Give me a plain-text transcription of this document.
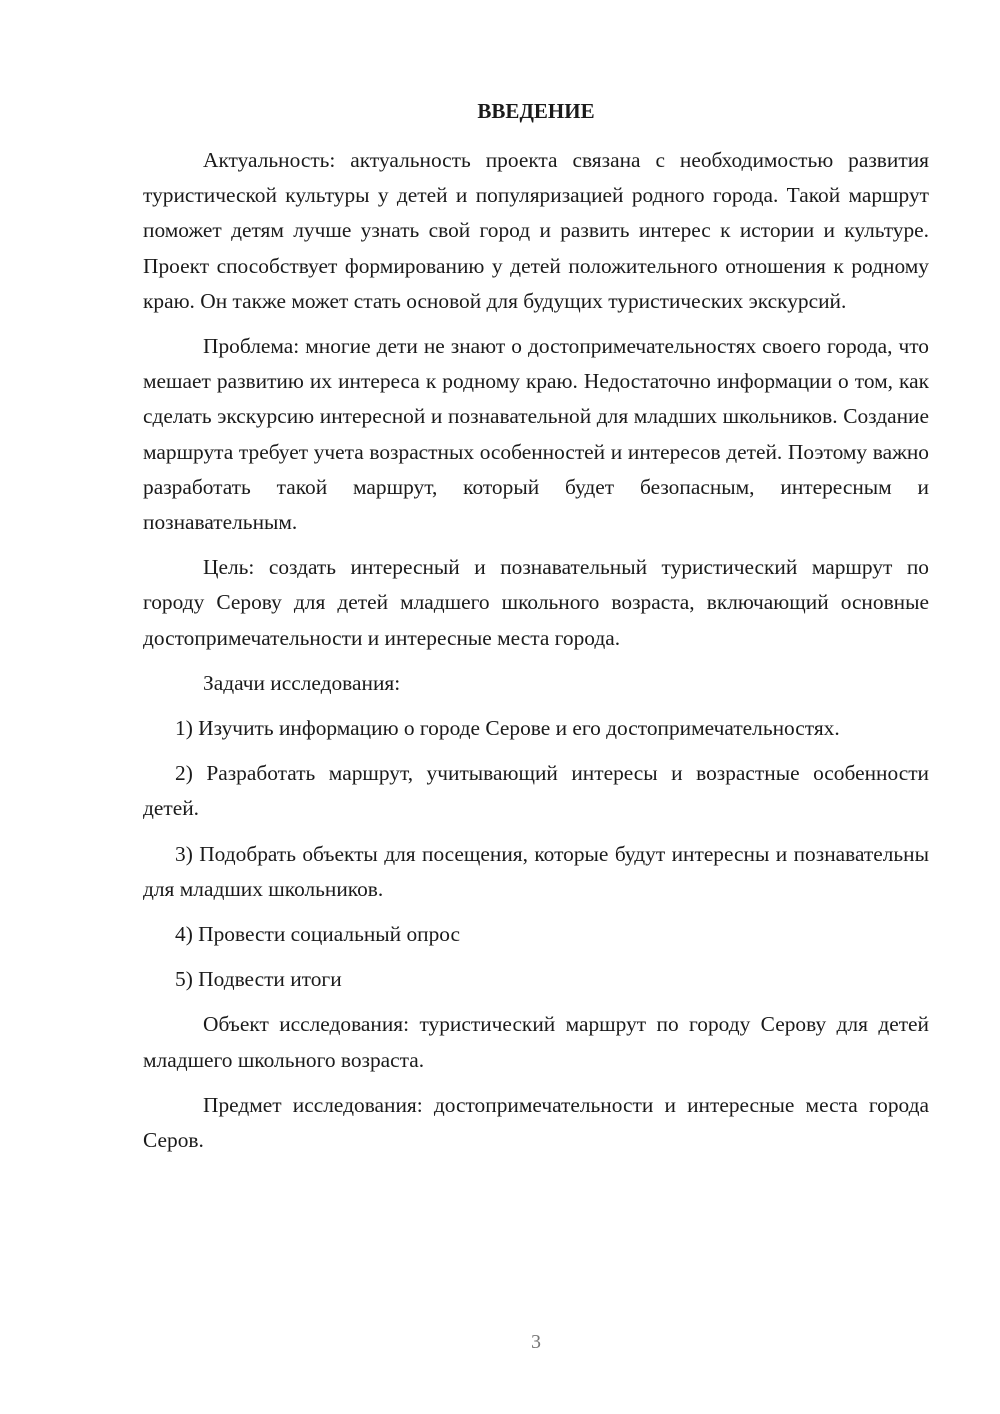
ВВЕДЕНИЕ

Актуальность: актуальность проекта связана с необходимостью развития туристической культуры у детей и популяризацией родного города. Такой маршрут поможет детям лучше узнать свой город и развить интерес к истории и культуре. Проект способствует формированию у детей положительного отношения к родному краю. Он также может стать основой для будущих туристических экскурсий.

Проблема: многие дети не знают о достопримечательностях своего города, что мешает развитию их интереса к родному краю. Недостаточно информации о том, как сделать экскурсию интересной и познавательной для младших школьников. Создание маршрута требует учета возрастных особенностей и интересов детей. Поэтому важно разработать такой маршрут, который будет безопасным, интересным и познавательным.

Цель: создать интересный и познавательный туристический маршрут по городу Серову для детей младшего школьного возраста, включающий основные достопримечательности и интересные места города.

Задачи исследования:

1) Изучить информацию о городе Серове и его достопримечательностях.

2) Разработать маршрут, учитывающий интересы и возрастные особенности детей.

3) Подобрать объекты для посещения, которые будут интересны и познавательны для младших школьников.

4) Провести социальный опрос

5) Подвести итоги

Объект исследования: туристический маршрут по городу Серову для детей младшего школьного возраста.

Предмет исследования: достопримечательности и интересные места города Серов.

3
